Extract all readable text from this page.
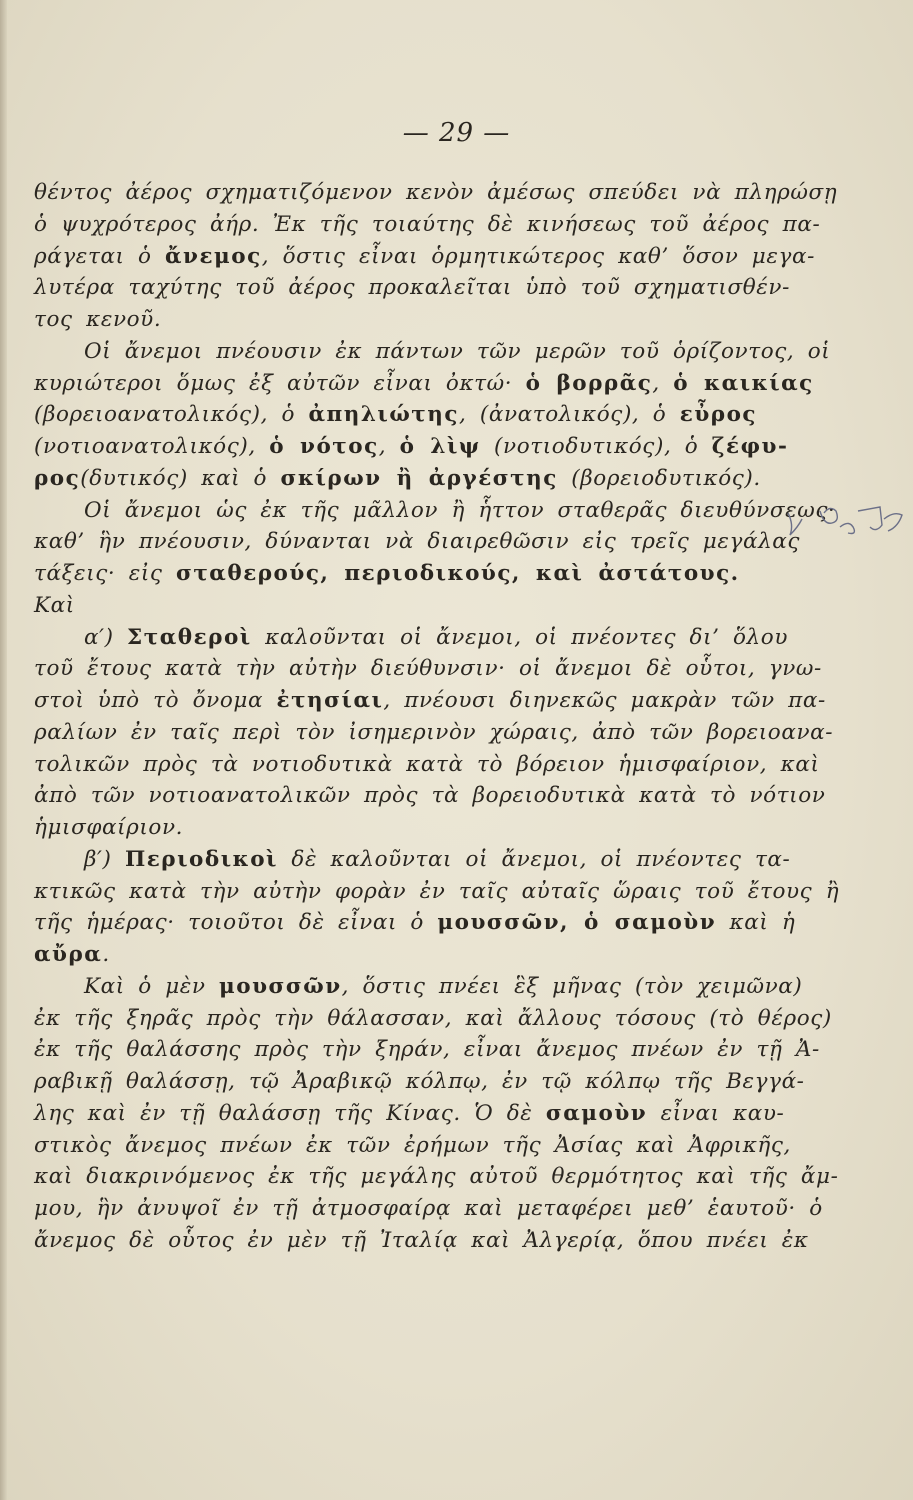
— 29 —
θέντος ἀέρος σχηματιζόμενον κενὸν ἀμέσως σπεύδει νὰ πληρώσῃ
ὁ ψυχρότερος ἀήρ. Ἐκ τῆς τοιαύτης δὲ κινήσεως τοῦ ἀέρος πα-
ράγεται ὁ ἄνεμος, ὅστις εἶναι ὁρμητικώτερος καθ’ ὅσον μεγα-
λυτέρα ταχύτης τοῦ ἀέρος προκαλεῖται ὑπὸ τοῦ σχηματισθέν-
τος κενοῦ.
Οἱ ἄνεμοι πνέουσιν ἐκ πάντων τῶν μερῶν τοῦ ὁρίζοντος, οἱ
κυριώτεροι ὅμως ἐξ αὐτῶν εἶναι ὀκτώ· ὁ βορρᾶς, ὁ καικίας
(βορειοανατολικός), ὁ ἀπηλιώτης, (ἀνατολικός), ὁ εὖρος
(νοτιοανατολικός), ὁ νότος, ὁ λὶψ (νοτιοδυτικός), ὁ ζέφυ-
ρος(δυτικός) καὶ ὁ σκίρων ἢ ἀργέστης (βορειοδυτικός).
Οἱ ἄνεμοι ὡς ἐκ τῆς μᾶλλον ἢ ἧττον σταθερᾶς διευθύνσεως·
καθ’ ἣν πνέουσιν, δύνανται νὰ διαιρεθῶσιν εἰς τρεῖς μεγάλας
τάξεις· εἰς σταθερούς, περιοδικούς, καὶ ἀστάτους.
Καὶ
α′) Σταθεροὶ καλοῦνται οἱ ἄνεμοι, οἱ πνέοντες δι’ ὅλου
τοῦ ἔτους κατὰ τὴν αὐτὴν διεύθυνσιν· οἱ ἄνεμοι δὲ οὗτοι, γνω-
στοὶ ὑπὸ τὸ ὄνομα ἐτησίαι, πνέουσι διηνεκῶς μακρὰν τῶν πα-
ραλίων ἐν ταῖς περὶ τὸν ἰσημερινὸν χώραις, ἀπὸ τῶν βορειοανα-
τολικῶν πρὸς τὰ νοτιοδυτικὰ κατὰ τὸ βόρειον ἡμισφαίριον, καὶ
ἀπὸ τῶν νοτιοανατολικῶν πρὸς τὰ βορειοδυτικὰ κατὰ τὸ νότιον
ἡμισφαίριον.
β′) Περιοδικοὶ δὲ καλοῦνται οἱ ἄνεμοι, οἱ πνέοντες τα-
κτικῶς κατὰ τὴν αὐτὴν φορὰν ἐν ταῖς αὐταῖς ὥραις τοῦ ἔτους ἢ
τῆς ἡμέρας· τοιοῦτοι δὲ εἶναι ὁ μουσσῶν, ὁ σαμοὺν καὶ ἡ
αὔρα.
Καὶ ὁ μὲν μουσσῶν, ὅστις πνέει ἓξ μῆνας (τὸν χειμῶνα)
ἐκ τῆς ξηρᾶς πρὸς τὴν θάλασσαν, καὶ ἄλλους τόσους (τὸ θέρος)
ἐκ τῆς θαλάσσης πρὸς τὴν ξηράν, εἶναι ἄνεμος πνέων ἐν τῇ Ἀ-
ραβικῇ θαλάσσῃ, τῷ Ἀραβικῷ κόλπῳ, ἐν τῷ κόλπῳ τῆς Βεγγά-
λης καὶ ἐν τῇ θαλάσσῃ τῆς Κίνας. Ὁ δὲ σαμοὺν εἶναι καυ-
στικὸς ἄνεμος πνέων ἐκ τῶν ἐρήμων τῆς Ἀσίας καὶ Ἀφρικῆς,
καὶ διακρινόμενος ἐκ τῆς μεγάλης αὐτοῦ θερμότητος καὶ τῆς ἄμ-
μου, ἣν ἀνυψοῖ ἐν τῇ ἀτμοσφαίρᾳ καὶ μεταφέρει μεθ’ ἑαυτοῦ· ὁ
ἄνεμος δὲ οὗτος ἐν μὲν τῇ Ἰταλίᾳ καὶ Ἀλγερίᾳ, ὅπου πνέει ἐκ
